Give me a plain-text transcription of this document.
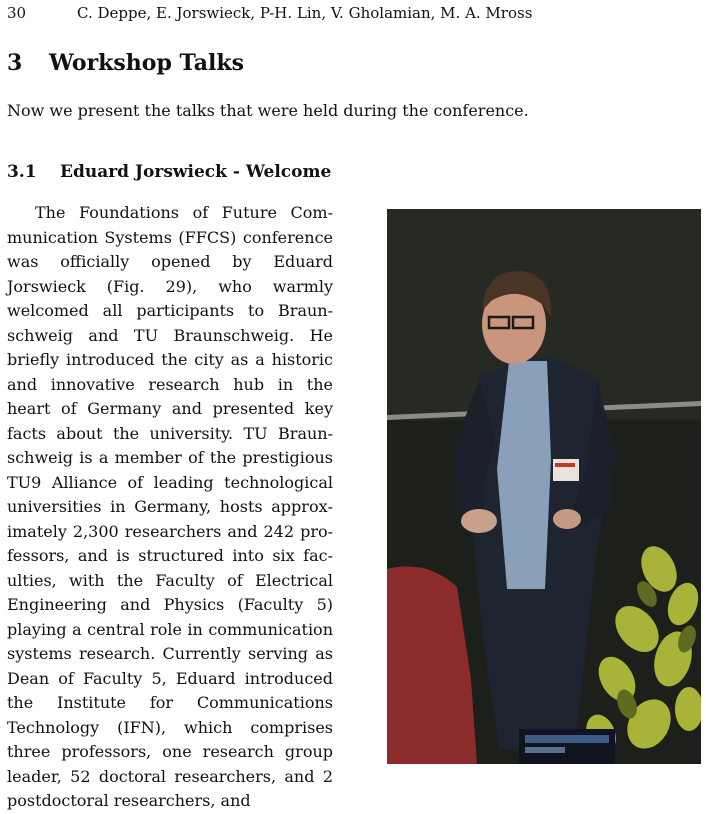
30	C. Deppe, E. Jorswieck, P-H. Lin, V. Gholamian, M. A. Mross
3 Workshop Talks
Now we present the talks that were held during the conference.
3.1 Eduard Jorswieck - Welcome

The Foundations of Future Communication Systems (FFCS) conference was officially opened by Eduard Jorswieck (Fig. 29), who warmly welcomed all participants to Braunschweig and TU Braunschweig. He briefly introduced the city as a historic and innovative research hub in the heart of Germany and presented key facts about the university. TU Braunschweig is a member of the prestigious TU9 Alliance of leading technological universities in Germany, hosts approximately 2,300 researchers and 242 professors, and is structured into six faculties, with the Faculty of Electrical Engineering and Physics (Faculty 5) playing a central role in communication systems research. Currently serving as Dean of Faculty 5, Eduard introduced the Institute for Communications Technology (IFN), which comprises three professors, one research group leader, 52 doctoral researchers, and 2 postdoctoral researchers, and
